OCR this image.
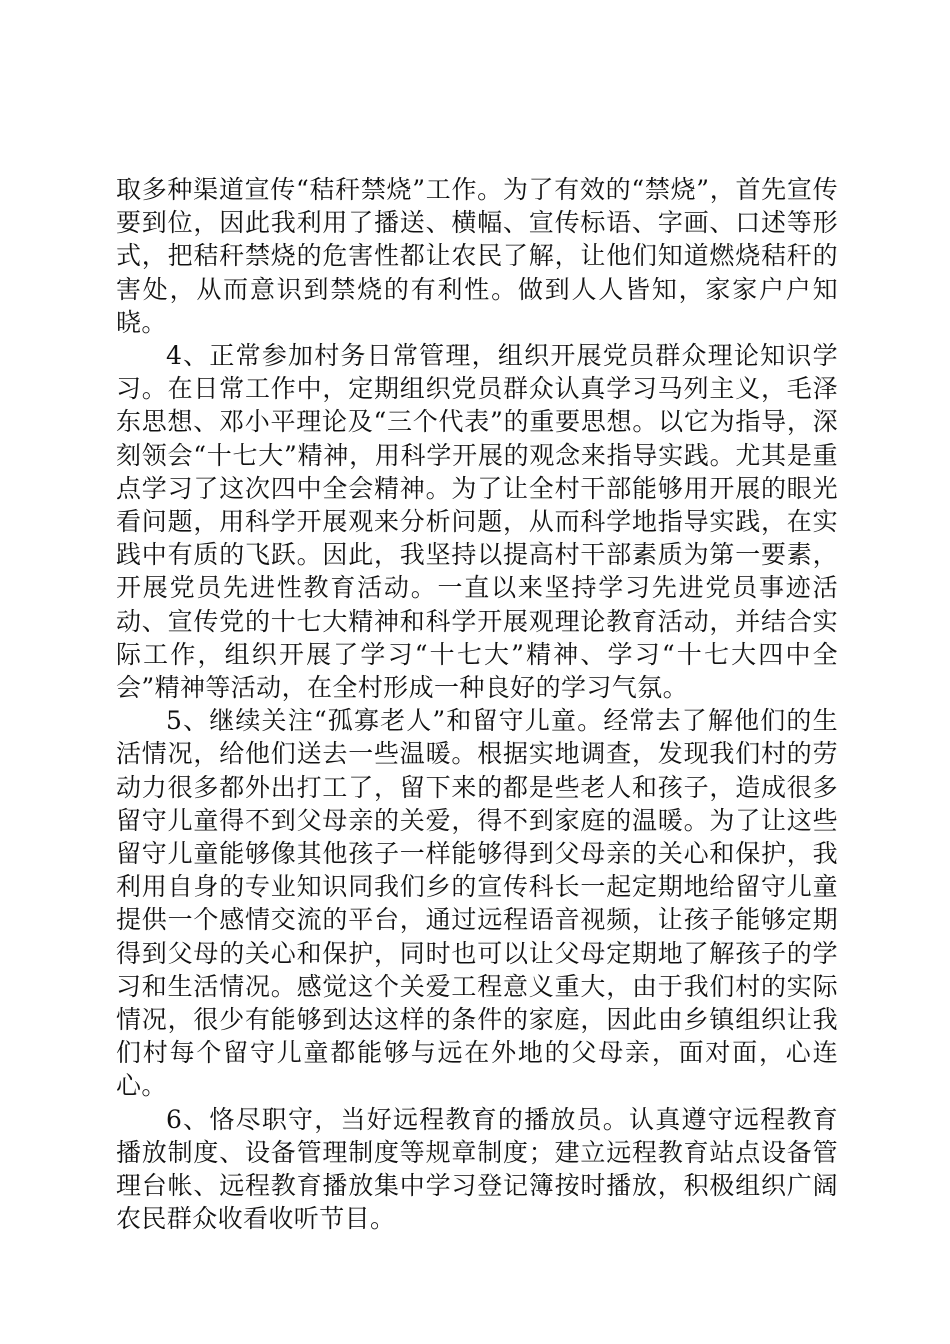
取多种渠道宣传“秸秆禁烧”工作。为了有效的“禁烧”，首先宣传要到位，因此我利用了播送、横幅、宣传标语、字画、口述等形式，把秸秆禁烧的危害性都让农民了解，让他们知道燃烧秸秆的害处，从而意识到禁烧的有利性。做到人人皆知，家家户户知晓。

4、正常参加村务日常管理，组织开展党员群众理论知识学习。在日常工作中，定期组织党员群众认真学习马列主义，毛泽东思想、邓小平理论及“三个代表”的重要思想。以它为指导，深刻领会“十七大”精神，用科学开展的观念来指导实践。尤其是重点学习了这次四中全会精神。为了让全村干部能够用开展的眼光看问题，用科学开展观来分析问题，从而科学地指导实践，在实践中有质的飞跃。因此，我坚持以提高村干部素质为第一要素，开展党员先进性教育活动。一直以来坚持学习先进党员事迹活动、宣传党的十七大精神和科学开展观理论教育活动，并结合实际工作，组织开展了学习“十七大”精神、学习“十七大四中全会”精神等活动，在全村形成一种良好的学习气氛。

5、继续关注“孤寡老人”和留守儿童。经常去了解他们的生活情况，给他们送去一些温暖。根据实地调查，发现我们村的劳动力很多都外出打工了，留下来的都是些老人和孩子，造成很多留守儿童得不到父母亲的关爱，得不到家庭的温暖。为了让这些留守儿童能够像其他孩子一样能够得到父母亲的关心和保护，我利用自身的专业知识同我们乡的宣传科长一起定期地给留守儿童提供一个感情交流的平台，通过远程语音视频，让孩子能够定期得到父母的关心和保护，同时也可以让父母定期地了解孩子的学习和生活情况。感觉这个关爱工程意义重大，由于我们村的实际情况，很少有能够到达这样的条件的家庭，因此由乡镇组织让我们村每个留守儿童都能够与远在外地的父母亲，面对面，心连心。

6、恪尽职守，当好远程教育的播放员。认真遵守远程教育播放制度、设备管理制度等规章制度；建立远程教育站点设备管理台帐、远程教育播放集中学习登记簿按时播放，积极组织广阔农民群众收看收听节目。
